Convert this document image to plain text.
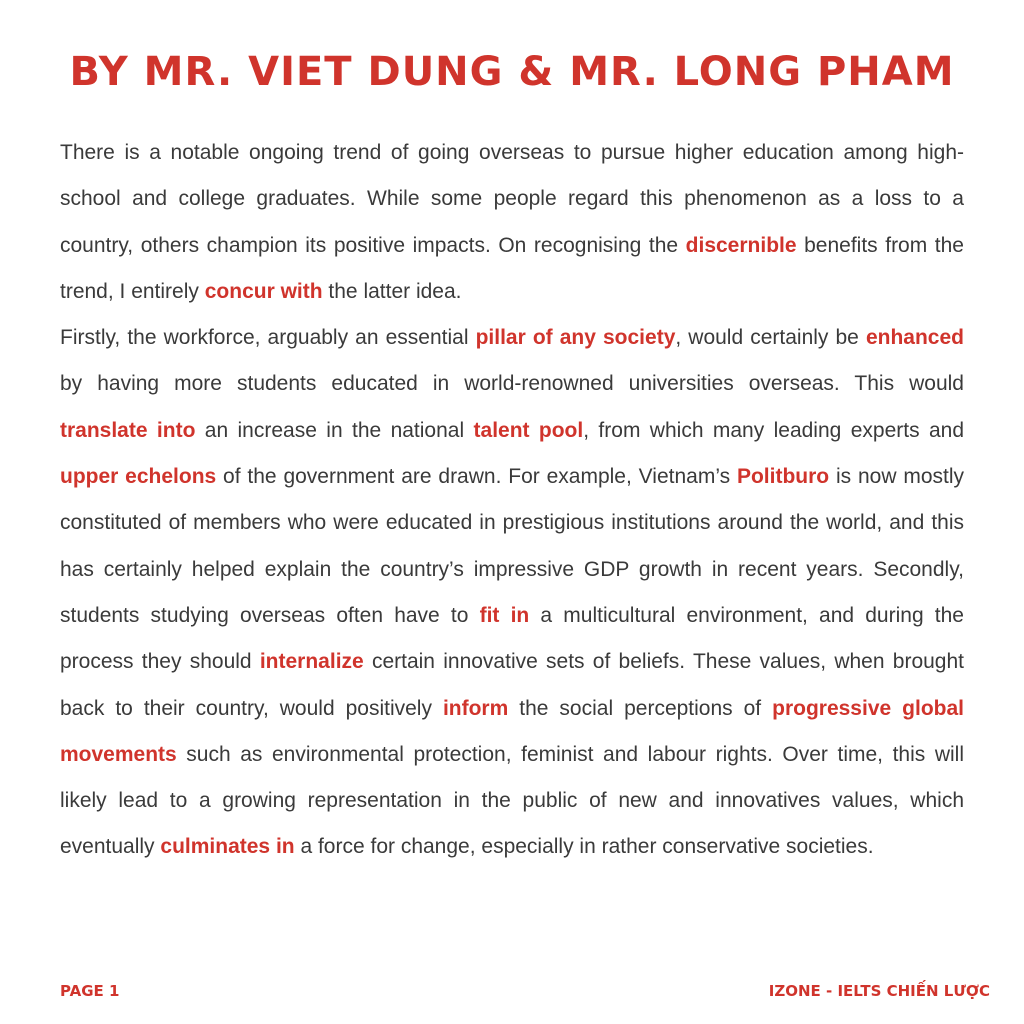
BY MR. VIET DUNG & MR. LONG PHAM

There is a notable ongoing trend of going overseas to pursue higher education among high-school and college graduates. While some people regard this phenomenon as a loss to a country, others champion its positive impacts. On recognising the discernible benefits from the trend, I entirely concur with the latter idea.

Firstly, the workforce, arguably an essential pillar of any society, would certainly be enhanced by having more students educated in world-renowned universities overseas. This would translate into an increase in the national talent pool, from which many leading experts and upper echelons of the government are drawn. For example, Vietnam’s Politburo is now mostly constituted of members who were educated in prestigious institutions around the world, and this has certainly helped explain the country’s impressive GDP growth in recent years. Secondly, students studying overseas often have to fit in a multicultural environment, and during the process they should internalize certain innovative sets of beliefs. These values, when brought back to their country, would positively inform the social perceptions of progressive global movements such as environmental protection, feminist and labour rights. Over time, this will likely lead to a growing representation in the public of new and innovatives values, which eventually culminates in a force for change, especially in rather conservative societies.

PAGE 1	IZONE - IELTS CHIẾN LƯỢC
